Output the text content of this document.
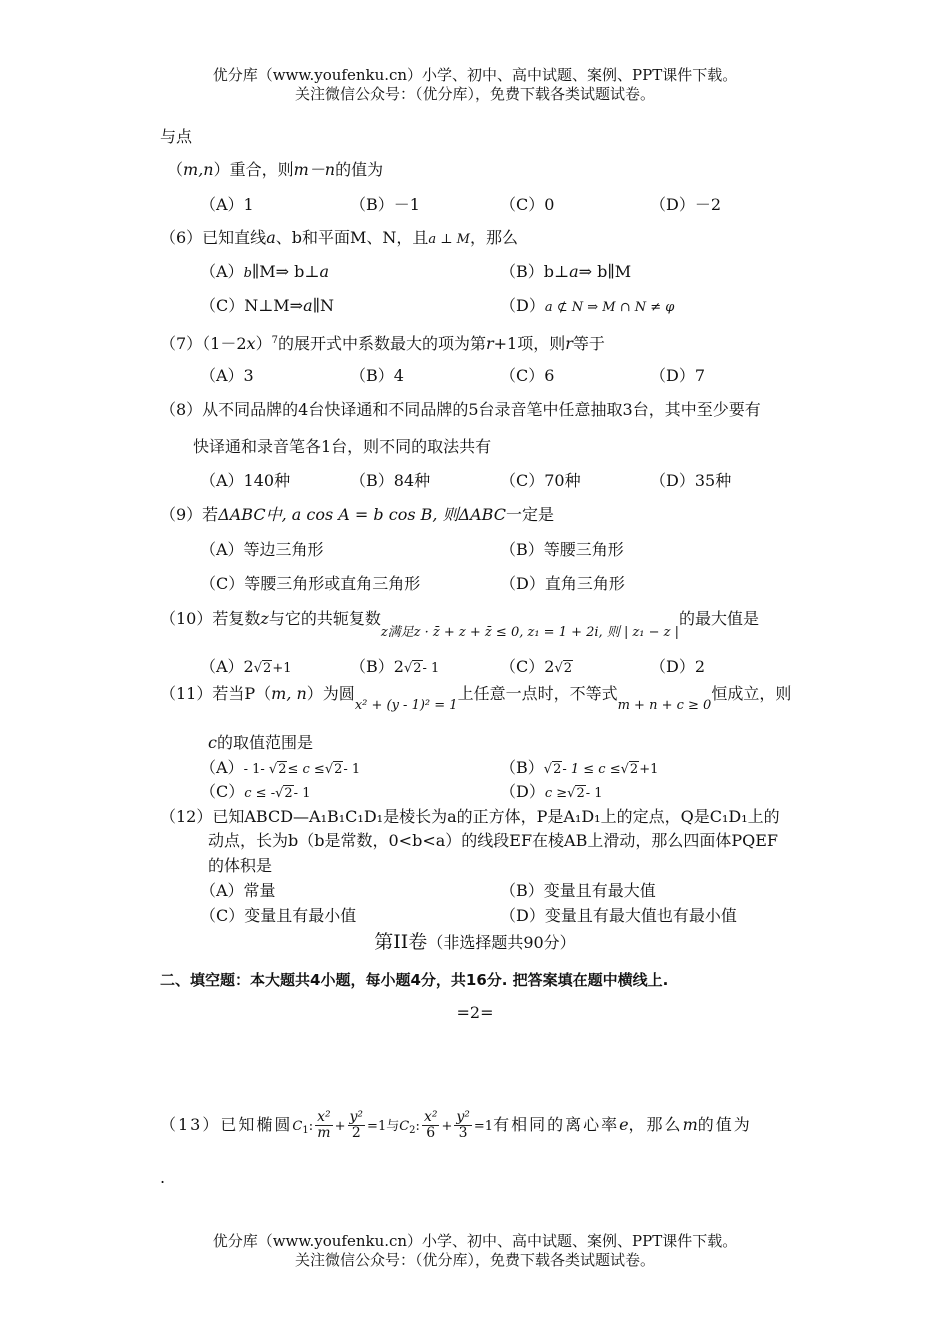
优分库（www.youfenku.cn）小学、初中、高中试题、案例、PPT课件下载。
关注微信公众号：（优分库），免费下载各类试题试卷。
与点
（m,n）重合，则m－n的值为
（A）1	（B）－1	（C）0	（D）－2
（6）已知直线a、b和平面M、N，且a ⊥ M，那么
（A）b∥M⇒ b⊥a	（B）b⊥a⇒ b∥M
（C）N⊥M⇒a∥N	（D）a ⊄ N ⇒ M ∩ N ≠ φ
$(7)(1-2x)^7$的展开式中系数最大的项为第r+1项，则r等于
（A）3	（B）4	（C）6	（D）7
（8）从不同品牌的4台快译通和不同品牌的5台录音笔中任意抽取3台，其中至少要有
快译通和录音笔各1台，则不同的取法共有
（A）140种	（B）84种	（C）70种	（D）35种
（9）若ΔABC中, a cos A = b cos B, 则ΔABC一定是
（A）等边三角形	（B）等腰三角形
（C）等腰三角形或直角三角形	（D）直角三角形
（10）若复数z与它的共轭复数$_{z满足z \cdot z̄ + z + z̄ \le 0, z_1 = 1 + 2i, 则 | z_1 - z |}$的最大值是
（A）2√2+1	（B）2√2- 1	（C）2√2	（D）2
（11）若当P（m, n）为圆$_{x^2 + (y - 1)^2 = 1}$上任意一点时，不等式$_{m + n + c \ge 0}$恒成立，则
c的取值范围是
（A）- 1- √2≤ c ≤√2- 1	（B）√2- 1 ≤ c ≤√2+1
（C）c ≤ -√2- 1	（D）c ≥√2- 1
（12）已知ABCD—A₁B₁C₁D₁是棱长为a的正方体，P是A₁D₁上的定点，Q是C₁D₁上的
动点，长为b（b是常数，0<b<a）的线段EF在棱AB上滑动，那么四面体PQEF
的体积是
（A）常量	（B）变量且有最大值
（C）变量且有最小值	（D）变量且有最大值也有最小值
第II卷（非选择题共90分）
二、填空题：本大题共4小题，每小题4分，共16分. 把答案填在题中横线上.
=2=
（13）已知椭圆$C_1$: $\frac{\text{x²}}{m} + \frac{\text{y²}}{2} =1$与$C_2$: $\frac{\text{x²}}{6} + \frac{\text{y²}}{3} =1$有相同的离心率e，那么m的值为
.
优分库（www.youfenku.cn）小学、初中、高中试题、案例、PPT课件下载。
关注微信公众号：（优分库），免费下载各类试题试卷。
